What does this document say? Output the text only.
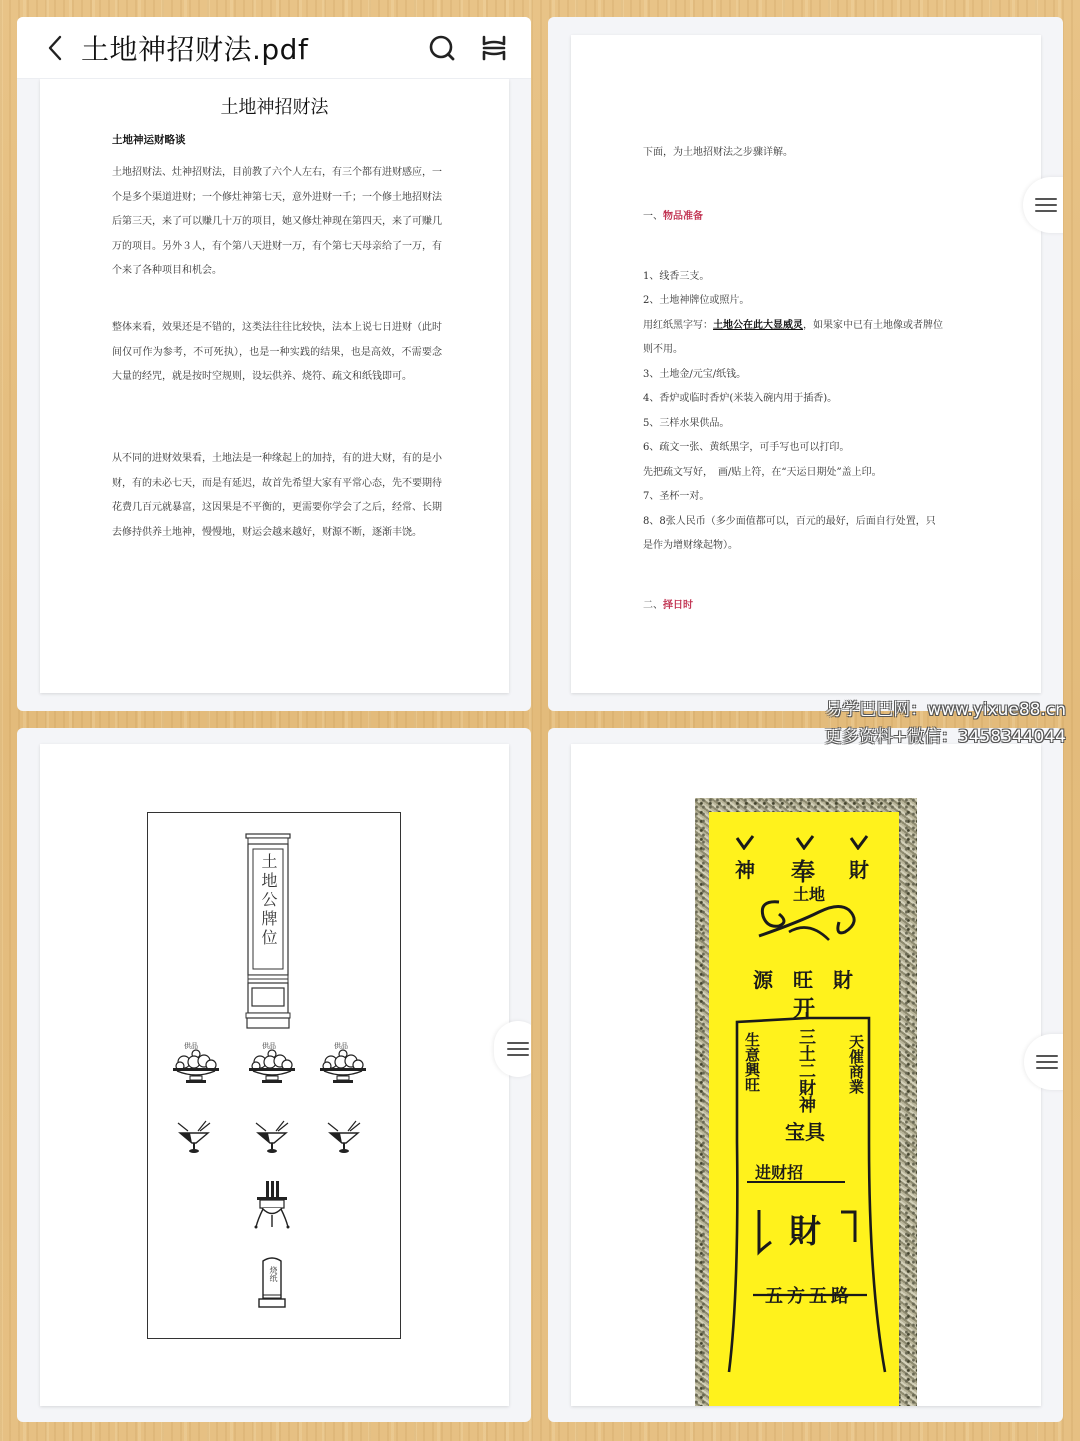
土地神招财法.pdf
土地神招财法
土地神运财略谈
土地招财法、灶神招财法，目前教了六个人左右，有三个都有进财感应，一个是多个渠道进财；一个修灶神第七天，意外进财一千；一个修土地招财法后第三天，来了可以赚几十万的项目，她又修灶神现在第四天，来了可赚几万的项目。另外３人，有个第八天进财一万，有个第七天母亲给了一万，有个来了各种项目和机会。
整体来看，效果还是不错的，这类法往往比较快，法本上说七日进财（此时间仅可作为参考，不可死执），也是一种实践的结果，也是高效，不需要念大量的经咒，就是按时空规则，设坛供养、烧符、疏文和纸钱即可。
从不同的进财效果看，土地法是一种缘起上的加持，有的进大财，有的是小财，有的未必七天，而是有延迟，故首先希望大家有平常心态，先不要期待花费几百元就暴富，这因果是不平衡的，更需要你学会了之后，经常、长期去修持供养土地神，慢慢地，财运会越来越好，财源不断，逐渐丰饶。
下面，为土地招财法之步骤详解。
一、物品准备
1、线香三支。
2、土地神牌位或照片。
用红纸黑字写：土地公在此大显威灵，如果家中已有土地像或者牌位
则不用。
3、土地金/元宝/纸钱。
4、香炉或临时香炉(米装入碗内用于插香)。
5、三样水果供品。
6、疏文一张、黄纸黑字，可手写也可以打印。
先把疏文写好，　画/贴上符，在“天运日期处”盖上印。
7、圣杯一对。
8、8张人民币（多少面值都可以，百元的最好，后面自行处置，只
是作为增财缘起物）。
二、择日时
土地公牌位
供品	供品	供品
烧纸
神 奉 財
土地
源 旺 財
开
生意興旺 三土二財神 天催商業
宝具
进财招
財
五方五路
易学巴巴网：www.yixue88.cn
更多资料+微信：3458344044
